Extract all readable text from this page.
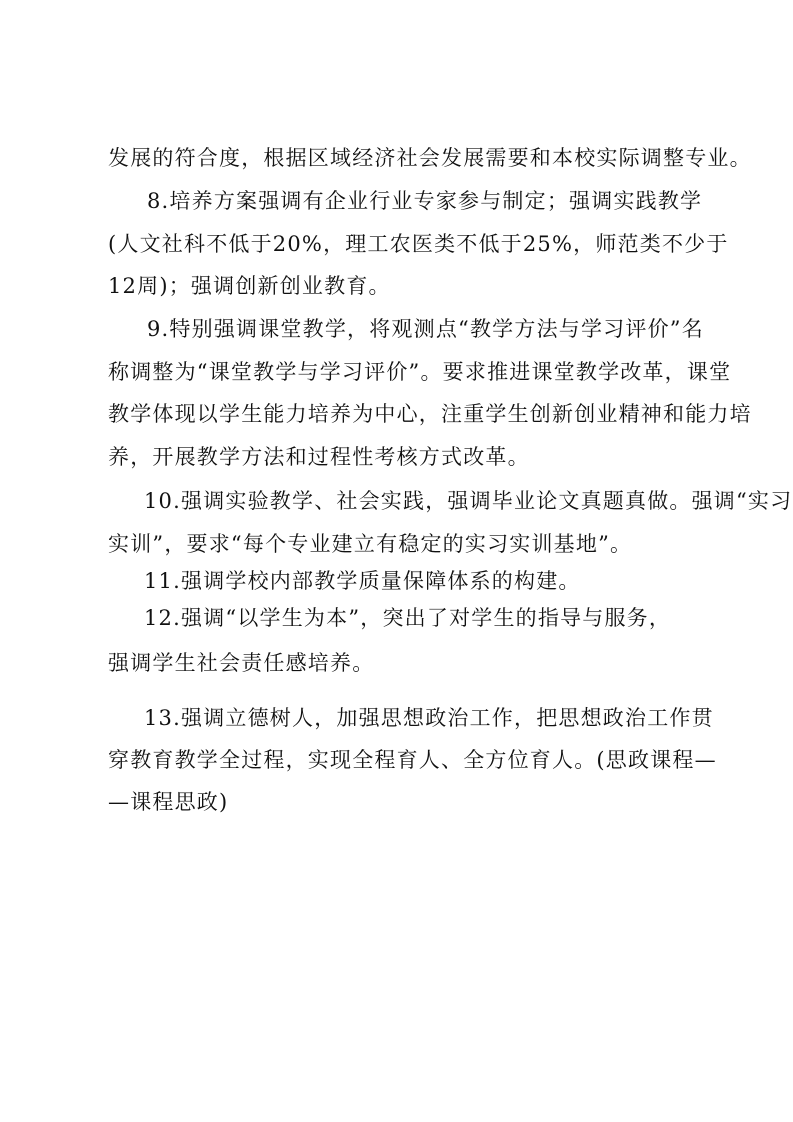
发展的符合度，根据区域经济社会发展需要和本校实际调整专业。
8.培养方案强调有企业行业专家参与制定；强调实践教学
(人文社科不低于20%，理工农医类不低于25%，师范类不少于
12周)；强调创新创业教育。
9.特别强调课堂教学，将观测点“教学方法与学习评价”名
称调整为“课堂教学与学习评价”。要求推进课堂教学改革，课堂
教学体现以学生能力培养为中心，注重学生创新创业精神和能力培
养，开展教学方法和过程性考核方式改革。
10.强调实验教学、社会实践，强调毕业论文真题真做。强调“实习
实训”，要求“每个专业建立有稳定的实习实训基地”。
11.强调学校内部教学质量保障体系的构建。
12.强调“以学生为本”，突出了对学生的指导与服务，
强调学生社会责任感培养。
13.强调立德树人，加强思想政治工作，把思想政治工作贯
穿教育教学全过程，实现全程育人、全方位育人。(思政课程—
—课程思政)
